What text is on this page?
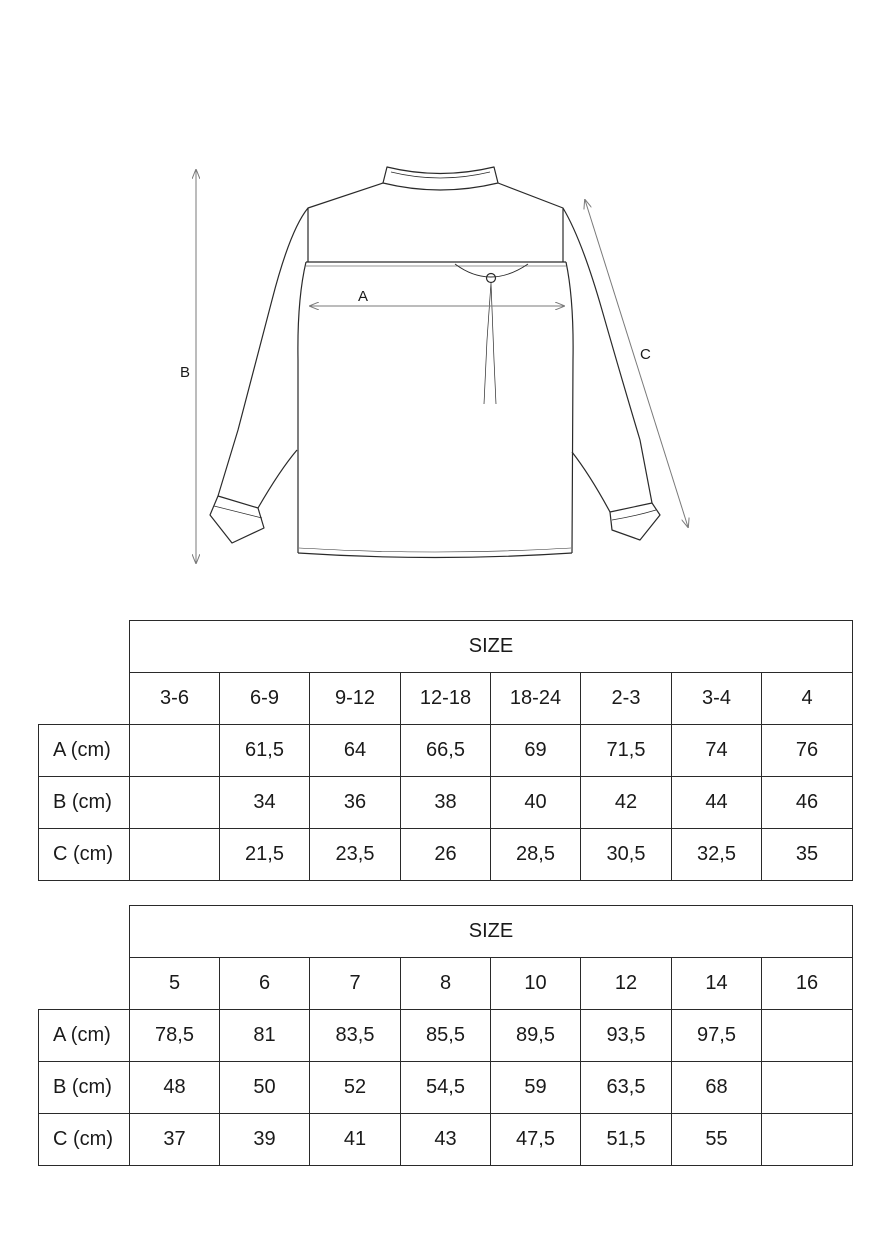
A
B
C
	SIZE							
	3-6	6-9	9-12	12-18	18-24	2-3	3-4	4
A (cm)		61,5	64	66,5	69	71,5	74	76
B (cm)		34	36	38	40	42	44	46
C (cm)		21,5	23,5	26	28,5	30,5	32,5	35
	SIZE							
	5	6	7	8	10	12	14	16
A (cm)	78,5	81	83,5	85,5	89,5	93,5	97,5	
B (cm)	48	50	52	54,5	59	63,5	68	
C (cm)	37	39	41	43	47,5	51,5	55	
